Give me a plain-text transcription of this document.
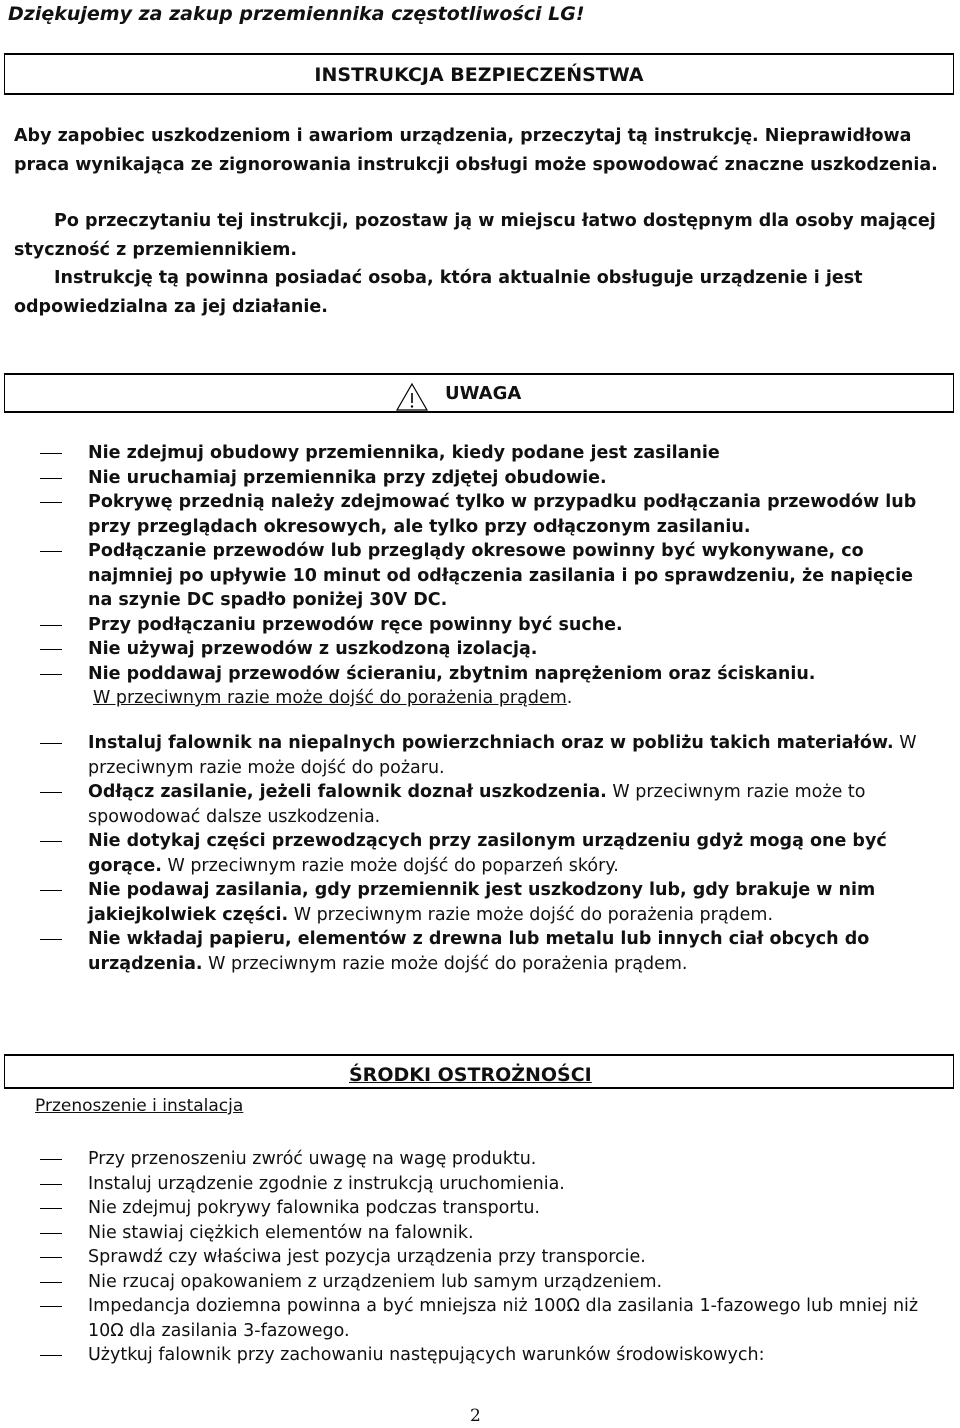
Dziękujemy za zakup przemiennika częstotliwości LG!
INSTRUKCJA BEZPIECZEŃSTWA
Aby zapobiec uszkodzeniom i awariom urządzenia, przeczytaj tą instrukcję. Nieprawidłowa praca wynikająca ze zignorowania instrukcji obsługi może spowodować znaczne uszkodzenia.
Po przeczytaniu tej instrukcji, pozostaw ją w miejscu łatwo dostępnym dla osoby mającej styczność z przemiennikiem.
Instrukcję tą powinna posiadać osoba, która aktualnie obsługuje urządzenie i jest odpowiedzialna za jej działanie.
UWAGA
Nie zdejmuj obudowy przemiennika, kiedy podane jest zasilanie
Nie uruchamiaj przemiennika przy zdjętej obudowie.
Pokrywę przednią należy zdejmować tylko w przypadku podłączania przewodów lub przy przeglądach okresowych, ale tylko przy odłączonym zasilaniu.
Podłączanie przewodów lub przeglądy okresowe powinny być wykonywane, co najmniej po upływie 10 minut od odłączenia zasilania i po sprawdzeniu, że napięcie na szynie DC spadło poniżej 30V DC.
Przy podłączaniu przewodów ręce powinny być suche.
Nie używaj przewodów z uszkodzoną izolacją.
Nie poddawaj przewodów ścieraniu, zbytnim naprężeniom oraz ściskaniu.
W przeciwnym razie może dojść do porażenia prądem.
Instaluj falownik na niepalnych powierzchniach oraz w pobliżu takich materiałów. W przeciwnym razie może dojść do pożaru.
Odłącz zasilanie, jeżeli falownik doznał uszkodzenia. W przeciwnym razie może to spowodować dalsze uszkodzenia.
Nie dotykaj części przewodzących przy zasilonym urządzeniu gdyż mogą one być gorące. W przeciwnym razie może dojść do poparzeń skóry.
Nie podawaj zasilania, gdy przemiennik jest uszkodzony lub, gdy brakuje w nim jakiejkolwiek części. W przeciwnym razie może dojść do porażenia prądem.
Nie wkładaj papieru, elementów z drewna lub metalu lub innych ciał obcych do urządzenia. W przeciwnym razie może dojść do porażenia prądem.
ŚRODKI OSTROŻNOŚCI
Przenoszenie i instalacja
Przy przenoszeniu zwróć uwagę na wagę produktu.
Instaluj urządzenie zgodnie z instrukcją uruchomienia.
Nie zdejmuj pokrywy falownika podczas transportu.
Nie stawiaj ciężkich elementów na falownik.
Sprawdź czy właściwa jest pozycja urządzenia przy transporcie.
Nie rzucaj opakowaniem z urządzeniem lub samym urządzeniem.
Impedancja doziemna powinna a być mniejsza niż 100Ω dla zasilania 1-fazowego lub mniej niż 10Ω dla zasilania 3-fazowego.
Użytkuj falownik przy zachowaniu następujących warunków środowiskowych:
2
